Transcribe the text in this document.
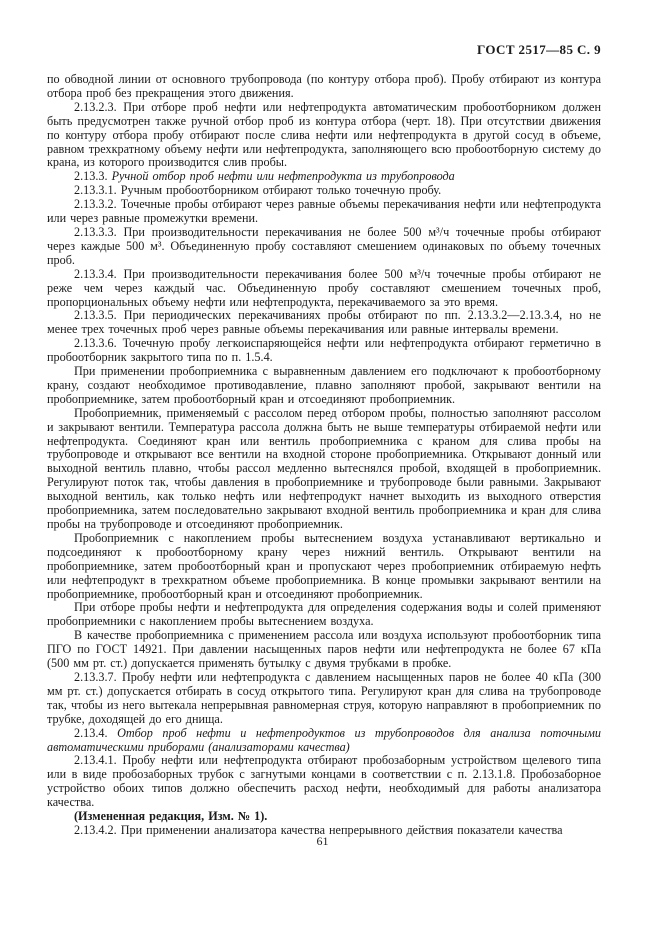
ГОСТ 2517—85 С. 9

по обводной линии от основного трубопровода (по контуру отбора проб). Пробу отбирают из контура отбора проб без прекращения этого движения.

2.13.2.3. При отборе проб нефти или нефтепродукта автоматическим пробоотборником должен быть предусмотрен также ручной отбор проб из контура отбора (черт. 18). При отсутствии движения по контуру отбора пробу отбирают после слива нефти или нефтепродукта в другой сосуд в объеме, равном трехкратному объему нефти или нефтепродукта, заполняющего всю пробоотборную систему до крана, из которого производится слив пробы.

2.13.3. Ручной отбор проб нефти или нефтепродукта из трубопровода

2.13.3.1. Ручным пробоотборником отбирают только точечную пробу.

2.13.3.2. Точечные пробы отбирают через равные объемы перекачивания нефти или нефтепродукта или через равные промежутки времени.

2.13.3.3. При производительности перекачивания не более 500 м³/ч точечные пробы отбирают через каждые 500 м³. Объединенную пробу составляют смешением одинаковых по объему точечных проб.

2.13.3.4. При производительности перекачивания более 500 м³/ч точечные пробы отбирают не реже чем через каждый час. Объединенную пробу составляют смешением точечных проб, пропорциональных объему нефти или нефтепродукта, перекачиваемого за это время.

2.13.3.5. При периодических перекачиваниях пробы отбирают по пп. 2.13.3.2—2.13.3.4, но не менее трех точечных проб через равные объемы перекачивания или равные интервалы времени.

2.13.3.6. Точечную пробу легкоиспаряющейся нефти или нефтепродукта отбирают герметично в пробоотборник закрытого типа по п. 1.5.4.

При применении пробоприемника с выравненным давлением его подключают к пробоотборному крану, создают необходимое противодавление, плавно заполняют пробой, закрывают вентили на пробоприемнике, затем пробоотборный кран и отсоединяют пробоприемник.

Пробоприемник, применяемый с рассолом перед отбором пробы, полностью заполняют рассолом и закрывают вентили. Температура рассола должна быть не выше температуры отбираемой нефти или нефтепродукта. Соединяют кран или вентиль пробоприемника с краном для слива пробы на трубопроводе и открывают все вентили на входной стороне пробоприемника. Открывают донный или выходной вентиль плавно, чтобы рассол медленно вытеснялся пробой, входящей в пробоприемник. Регулируют поток так, чтобы давления в пробоприемнике и трубопроводе были равными. Закрывают выходной вентиль, как только нефть или нефтепродукт начнет выходить из выходного отверстия пробоприемника, затем последовательно закрывают входной вентиль пробоприемника и кран для слива пробы на трубопроводе и отсоединяют пробоприемник.

Пробоприемник с накоплением пробы вытеснением воздуха устанавливают вертикально и подсоединяют к пробоотборному крану через нижний вентиль. Открывают вентили на пробоприемнике, затем пробоотборный кран и пропускают через пробоприемник отбираемую нефть или нефтепродукт в трехкратном объеме пробоприемника. В конце промывки закрывают вентили на пробоприемнике, пробоотборный кран и отсоединяют пробоприемник.

При отборе пробы нефти и нефтепродукта для определения содержания воды и солей применяют пробоприемники с накоплением пробы вытеснением воздуха.

В качестве пробоприемника с применением рассола или воздуха используют пробоотборник типа ПГО по ГОСТ 14921. При давлении насыщенных паров нефти или нефтепродукта не более 67 кПа (500 мм рт. ст.) допускается применять бутылку с двумя трубками в пробке.

2.13.3.7. Пробу нефти или нефтепродукта с давлением насыщенных паров не более 40 кПа (300 мм рт. ст.) допускается отбирать в сосуд открытого типа. Регулируют кран для слива на трубопроводе так, чтобы из него вытекала непрерывная равномерная струя, которую направляют в пробоприемник по трубке, доходящей до его днища.

2.13.4. Отбор проб нефти и нефтепродуктов из трубопроводов для анализа поточными автоматическими приборами (анализаторами качества)

2.13.4.1. Пробу нефти или нефтепродукта отбирают пробозаборным устройством щелевого типа или в виде пробозаборных трубок с загнутыми концами в соответствии с п. 2.13.1.8. Пробозаборное устройство обоих типов должно обеспечить расход нефти, необходимый для работы анализатора качества.

(Измененная редакция, Изм. № 1).

2.13.4.2. При применении анализатора качества непрерывного действия показатели качества

61
